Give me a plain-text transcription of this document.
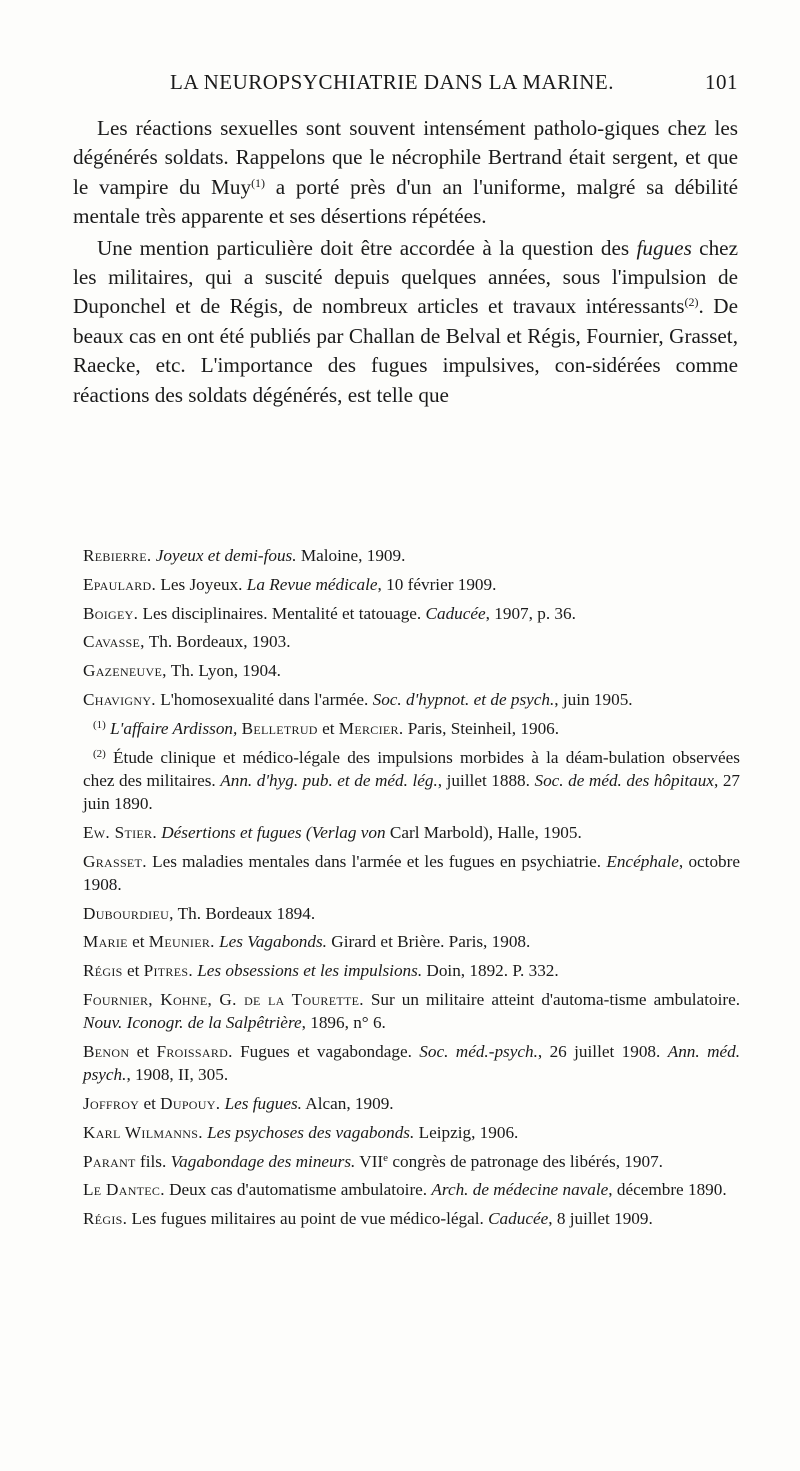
LA NEUROPSYCHIATRIE DANS LA MARINE.	101

Les réactions sexuelles sont souvent intensément patholo-giques chez les dégénérés soldats. Rappelons que le nécrophile Bertrand était sergent, et que le vampire du Muy$^{(1)}$ a porté près d'un an l'uniforme, malgré sa débilité mentale très apparente et ses désertions répétées.

Une mention particulière doit être accordée à la question des fugues chez les militaires, qui a suscité depuis quelques années, sous l'impulsion de Duponchel et de Régis, de nombreux articles et travaux intéressants$^{(2)}$. De beaux cas en ont été publiés par Challan de Belval et Régis, Fournier, Grasset, Raecke, etc. L'importance des fugues impulsives, con-sidérées comme réactions des soldats dégénérés, est telle que

Rebierre. Joyeux et demi-fous. Maloine, 1909.

Epaulard. Les Joyeux. La Revue médicale, 10 février 1909.

Boigey. Les disciplinaires. Mentalité et tatouage. Caducée, 1907, p. 36.

Cavasse, Th. Bordeaux, 1903.

Gazeneuve, Th. Lyon, 1904.

Chavigny. L'homosexualité dans l'armée. Soc. d'hypnot. et de psych., juin 1905.

$^{(1)}$ L'affaire Ardisson, Belletrud et Mercier. Paris, Steinheil, 1906.

$^{(2)}$ Étude clinique et médico-légale des impulsions morbides à la déam-bulation observées chez des militaires. Ann. d'hyg. pub. et de méd. lég., juillet 1888. Soc. de méd. des hôpitaux, 27 juin 1890.

Ew. Stier. Désertions et fugues (Verlag von Carl Marbold), Halle, 1905.

Grasset. Les maladies mentales dans l'armée et les fugues en psychiatrie. Encéphale, octobre 1908.

Dubourdieu, Th. Bordeaux 1894.

Marie et Meunier. Les Vagabonds. Girard et Brière. Paris, 1908.

Régis et Pitres. Les obsessions et les impulsions. Doin, 1892. P. 332.

Fournier, Kohne, G. de la Tourette. Sur un militaire atteint d'automa-tisme ambulatoire. Nouv. Iconogr. de la Salpêtrière, 1896, n° 6.

Benon et Froissard. Fugues et vagabondage. Soc. méd.-psych., 26 juillet 1908. Ann. méd. psych., 1908, II, 305.

Joffroy et Dupouy. Les fugues. Alcan, 1909.

Karl Wilmanns. Les psychoses des vagabonds. Leipzig, 1906.

Parant fils. Vagabondage des mineurs. VIIe congrès de patronage des libérés, 1907.

Le Dantec. Deux cas d'automatisme ambulatoire. Arch. de médecine navale, décembre 1890.

Régis. Les fugues militaires au point de vue médico-légal. Caducée, 8 juillet 1909.
